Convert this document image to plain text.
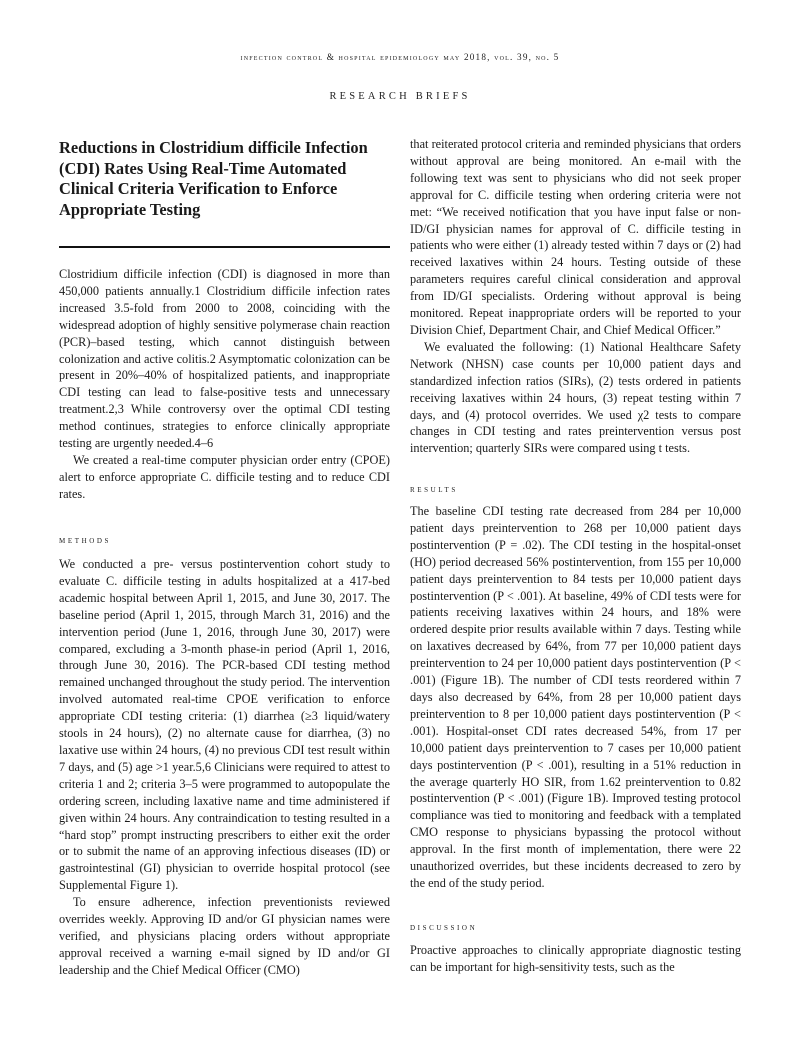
infection control & hospital epidemiology may 2018, vol. 39, no. 5
RESEARCH BRIEFS
Reductions in Clostridium difficile Infection (CDI) Rates Using Real-Time Automated Clinical Criteria Verification to Enforce Appropriate Testing

Clostridium difficile infection (CDI) is diagnosed in more than 450,000 patients annually.1 Clostridium difficile infection rates increased 3.5-fold from 2000 to 2008, coinciding with the widespread adoption of highly sensitive polymerase chain reaction (PCR)–based testing, which cannot distinguish between colonization and active colitis.2 Asymptomatic colonization can be present in 20%–40% of hospitalized patients, and inappropriate CDI testing can lead to false-positive tests and unnecessary treatment.2,3 While controversy over the optimal CDI testing method continues, strategies to enforce clinically appropriate testing are urgently needed.4–6

We created a real-time computer physician order entry (CPOE) alert to enforce appropriate C. difficile testing and to reduce CDI rates.

methods

We conducted a pre- versus postintervention cohort study to evaluate C. difficile testing in adults hospitalized at a 417-bed academic hospital between April 1, 2015, and June 30, 2017. The baseline period (April 1, 2015, through March 31, 2016) and the intervention period (June 1, 2016, through June 30, 2017) were compared, excluding a 3-month phase-in period (April 1, 2016, through June 30, 2016). The PCR-based CDI testing method remained unchanged throughout the study period. The intervention involved automated real-time CPOE verification to enforce appropriate CDI testing criteria: (1) diarrhea (≥3 liquid/watery stools in 24 hours), (2) no alternate cause for diarrhea, (3) no laxative use within 24 hours, (4) no previous CDI test result within 7 days, and (5) age >1 year.5,6 Clinicians were required to attest to criteria 1 and 2; criteria 3–5 were programmed to autopopulate the ordering screen, including laxative name and time administered if given within 24 hours. Any contraindication to testing resulted in a “hard stop” prompt instructing prescribers to either exit the order or to submit the name of an approving infectious diseases (ID) or gastrointestinal (GI) physician to override hospital protocol (see Supplemental Figure 1).

To ensure adherence, infection preventionists reviewed overrides weekly. Approving ID and/or GI physician names were verified, and physicians placing orders without appropriate approval received a warning e-mail signed by ID and/or GI leadership and the Chief Medical Officer (CMO)

that reiterated protocol criteria and reminded physicians that orders without approval are being monitored. An e-mail with the following text was sent to physicians who did not seek proper approval for C. difficile testing when ordering criteria were not met: “We received notification that you have input false or non-ID/GI physician names for approval of C. difficile testing in patients who were either (1) already tested within 7 days or (2) had received laxatives within 24 hours. Testing outside of these parameters requires careful clinical consideration and approval from ID/GI specialists. Ordering without approval is being monitored. Repeat inappropriate orders will be reported to your Division Chief, Department Chair, and Chief Medical Officer.”

We evaluated the following: (1) National Healthcare Safety Network (NHSN) case counts per 10,000 patient days and standardized infection ratios (SIRs), (2) tests ordered in patients receiving laxatives within 24 hours, (3) repeat testing within 7 days, and (4) protocol overrides. We used χ2 tests to compare changes in CDI testing and rates preintervention versus post intervention; quarterly SIRs were compared using t tests.

results

The baseline CDI testing rate decreased from 284 per 10,000 patient days preintervention to 268 per 10,000 patient days postintervention (P = .02). The CDI testing in the hospital-onset (HO) period decreased 56% postintervention, from 155 per 10,000 patient days preintervention to 84 tests per 10,000 patient days postintervention (P < .001). At baseline, 49% of CDI tests were for patients receiving laxatives within 24 hours, and 18% were ordered despite prior results available within 7 days. Testing while on laxatives decreased by 64%, from 77 per 10,000 patient days preintervention to 24 per 10,000 patient days postintervention (P < .001) (Figure 1B). The number of CDI tests reordered within 7 days also decreased by 64%, from 28 per 10,000 patient days preintervention to 8 per 10,000 patient days postintervention (P < .001). Hospital-onset CDI rates decreased 54%, from 17 per 10,000 patient days preintervention to 7 cases per 10,000 patient days postintervention (P < .001), resulting in a 51% reduction in the average quarterly HO SIR, from 1.62 preintervention to 0.82 postintervention (P < .001) (Figure 1B). Improved testing protocol compliance was tied to monitoring and feedback with a templated CMO response to physicians bypassing the protocol without approval. In the first month of implementation, there were 22 unauthorized overrides, but these incidents decreased to zero by the end of the study period.

discussion

Proactive approaches to clinically appropriate diagnostic testing can be important for high-sensitivity tests, such as the
